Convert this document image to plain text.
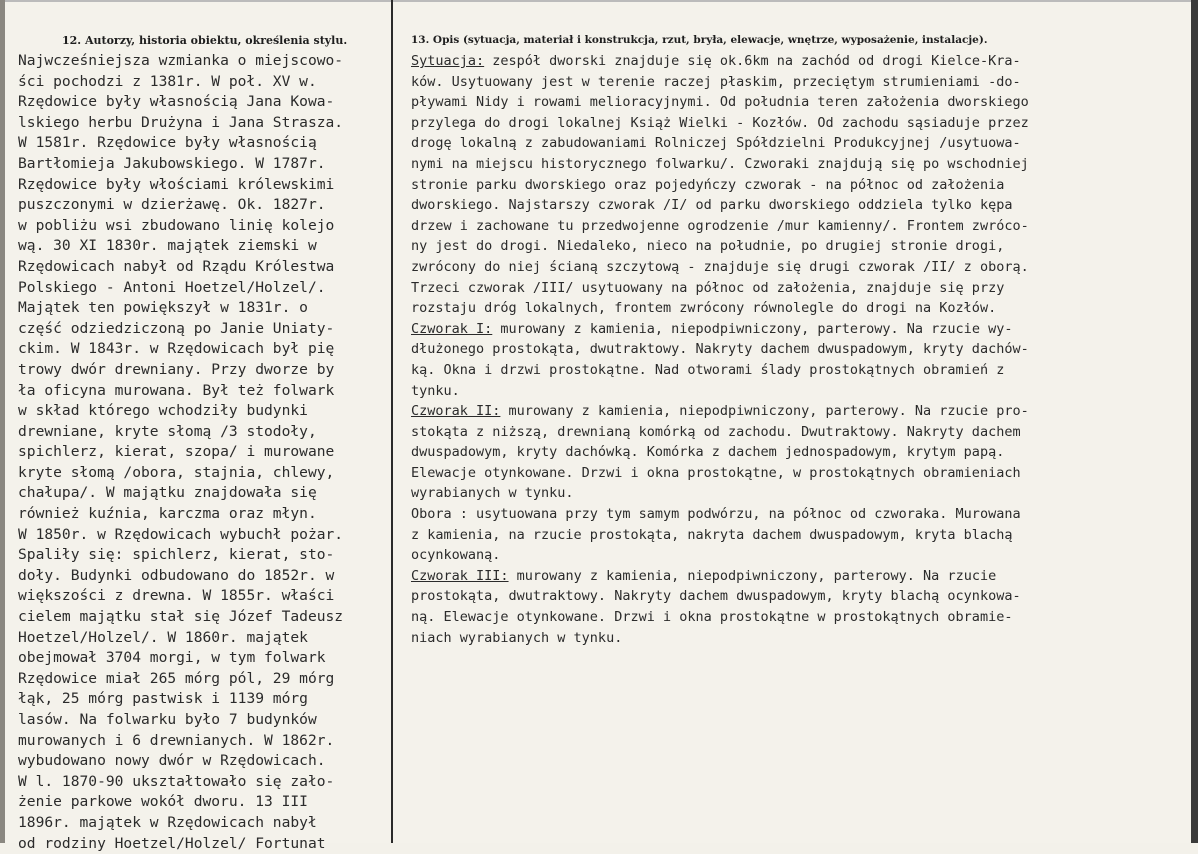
12. Autorzy, historia obiektu, określenia stylu.	13. Opis (sytuacja, materiał i konstrukcja, rzut, bryła, elewacje, wnętrze, wyposażenie, instalacje).
Najwcześniejsza wzmianka o miejscowo-
ści pochodzi z 1381r. W poł. XV w.
Rzędowice były własnością Jana Kowa-
lskiego herbu Drużyna i Jana Strasza.
W 1581r. Rzędowice były własnością
Bartłomieja Jakubowskiego. W 1787r.
Rzędowice były włościami królewskimi
puszczonymi w dzierżawę. Ok. 1827r.
w pobliżu wsi zbudowano linię kolejo
wą. 30 XI 1830r. majątek ziemski w
Rzędowicach nabył od Rządu Królestwa
Polskiego - Antoni Hoetzel/Holzel/.
Majątek ten powiększył w 1831r. o
część odziedziczoną po Janie Uniaty-
ckim. W 1843r. w Rzędowicach był pię
trowy dwór drewniany. Przy dworze by
ła oficyna murowana. Był też folwark
w skład którego wchodziły budynki
drewniane, kryte słomą /3 stodoły,
spichlerz, kierat, szopa/ i murowane
kryte słomą /obora, stajnia, chlewy,
chałupa/. W majątku znajdowała się
również kuźnia, karczma oraz młyn.
W 1850r. w Rzędowicach wybuchł pożar.
Spaliły się: spichlerz, kierat, sto-
doły. Budynki odbudowano do 1852r. w
większości z drewna. W 1855r. właści
cielem majątku stał się Józef Tadeusz
Hoetzel/Holzel/. W 1860r. majątek
obejmował 3704 morgi, w tym folwark
Rzędowice miał 265 mórg pól, 29 mórg
łąk, 25 mórg pastwisk i 1139 mórg
lasów. Na folwarku było 7 budynków
murowanych i 6 drewnianych. W 1862r.
wybudowano nowy dwór w Rzędowicach.
W l. 1870-90 ukształtowało się zało-
żenie parkowe wokół dworu. 13 III
1896r. majątek w Rzędowicach nabył
od rodziny Hoetzel/Holzel/ Fortunat
Sytuacja: zespół dworski znajduje się ok.6km na zachód od drogi Kielce-Kra-
ków. Usytuowany jest w terenie raczej płaskim, przeciętym strumieniami -do-
pływami Nidy i rowami melioracyjnymi. Od południa teren założenia dworskiego
przylega do drogi lokalnej Książ Wielki - Kozłów. Od zachodu sąsiaduje przez
drogę lokalną z zabudowaniami Rolniczej Spółdzielni Produkcyjnej /usytuowa-
nymi na miejscu historycznego folwarku/. Czworaki znajdują się po wschodniej
stronie parku dworskiego oraz pojedyńczy czworak - na północ od założenia
dworskiego. Najstarszy czworak /I/ od parku dworskiego oddziela tylko kępa
drzew i zachowane tu przedwojenne ogrodzenie /mur kamienny/. Frontem zwróco-
ny jest do drogi. Niedaleko, nieco na południe, po drugiej stronie drogi,
zwrócony do niej ścianą szczytową - znajduje się drugi czworak /II/ z oborą.
Trzeci czworak /III/ usytuowany na północ od założenia, znajduje się przy
rozstaju dróg lokalnych, frontem zwrócony równolegle do drogi na Kozłów.
Czworak I: murowany z kamienia, niepodpiwniczony, parterowy. Na rzucie wy-
dłużonego prostokąta, dwutraktowy. Nakryty dachem dwuspadowym, kryty dachów-
ką. Okna i drzwi prostokątne. Nad otworami ślady prostokątnych obramień z
tynku.
Czworak II: murowany z kamienia, niepodpiwniczony, parterowy. Na rzucie pro-
stokąta z niższą, drewnianą komórką od zachodu. Dwutraktowy. Nakryty dachem
dwuspadowym, kryty dachówką. Komórka z dachem jednospadowym, krytym papą.
Elewacje otynkowane. Drzwi i okna prostokątne, w prostokątnych obramieniach
wyrabianych w tynku.
Obora : usytuowana przy tym samym podwórzu, na północ od czworaka. Murowana
z kamienia, na rzucie prostokąta, nakryta dachem dwuspadowym, kryta blachą
ocynkowaną.
Czworak III: murowany z kamienia, niepodpiwniczony, parterowy. Na rzucie
prostokąta, dwutraktowy. Nakryty dachem dwuspadowym, kryty blachą ocynkowa-
ną. Elewacje otynkowane. Drzwi i okna prostokątne w prostokątnych obramie-
niach wyrabianych w tynku.
